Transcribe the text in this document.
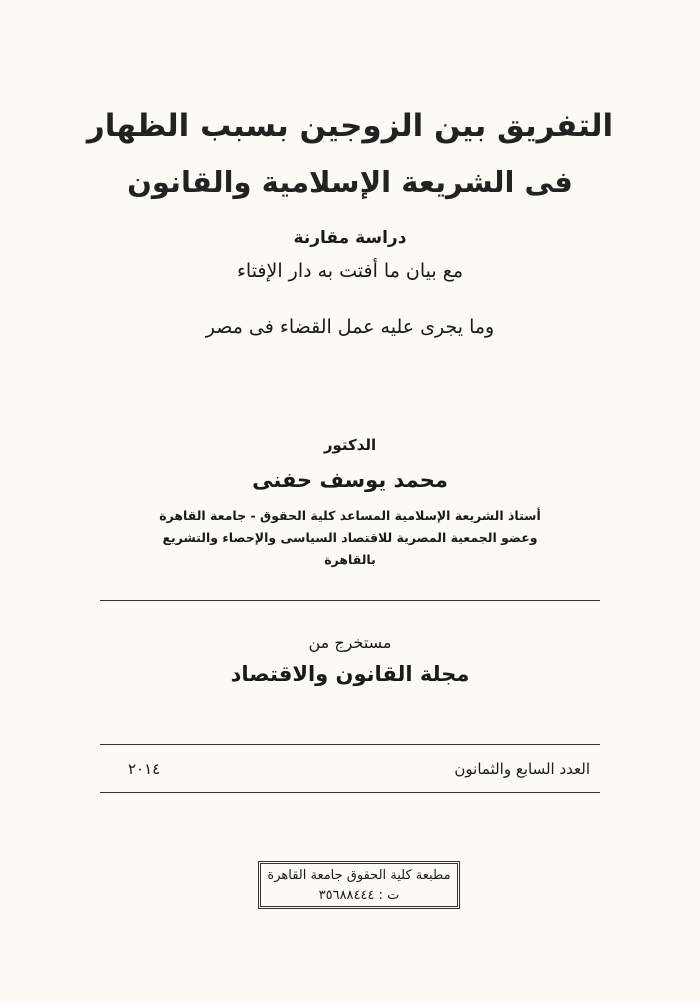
التفريق بين الزوجين بسبب الظهار
فى الشريعة الإسلامية والقانون
دراسة مقارنة
مع بيان ما أفتت به دار الإفتاء
وما يجرى عليه عمل القضاء فى مصر
الدكتور
محمد يوسف حفنى
أستاذ الشريعة الإسلامية المساعد كلية الحقوق - جامعة القاهرة
وعضو الجمعية المصرية للاقتصاد السياسى والإحصاء والتشريع
بالقاهرة
مستخرج من
مجلة القانون والاقتصاد
العدد السابع والثمانون
٢٠١٤
مطبعة كلية الحقوق جامعة القاهرة
ت : ٣٥٦٨٨٤٤٤
